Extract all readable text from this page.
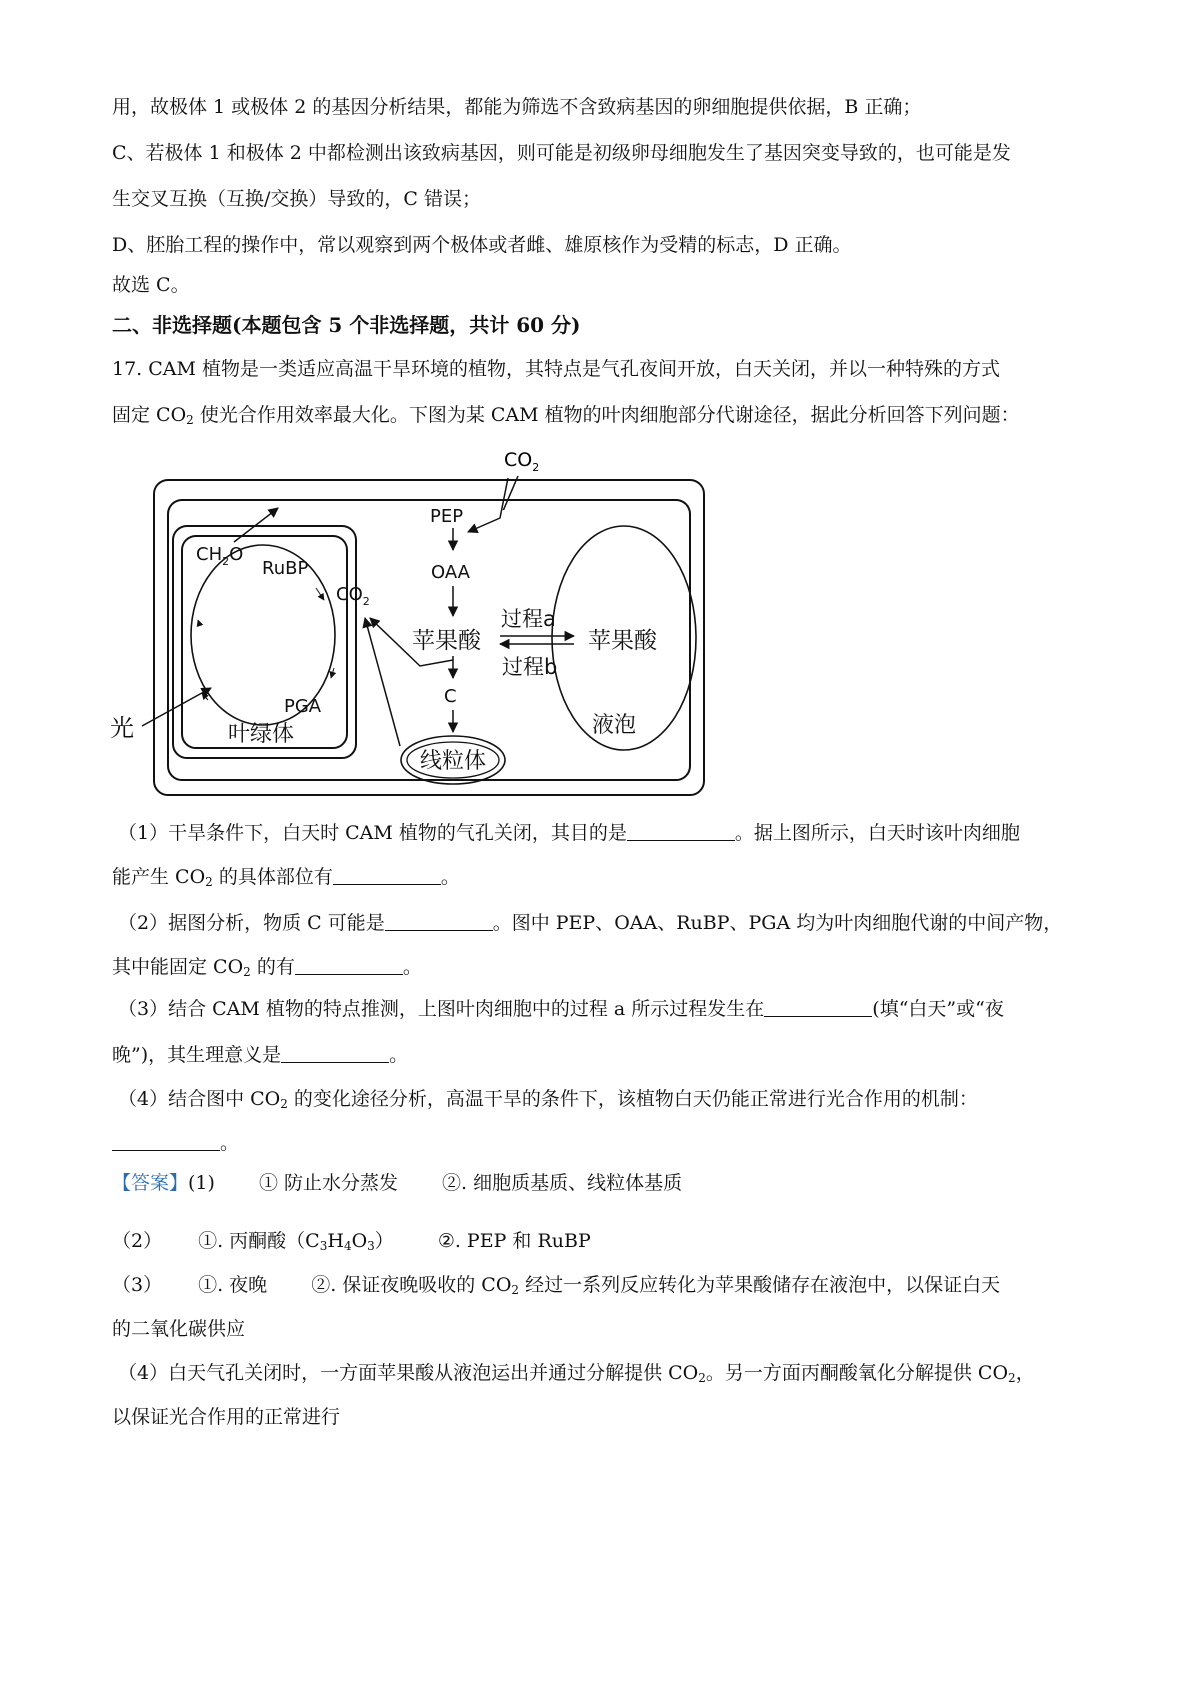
用，故极体 1 或极体 2 的基因分析结果，都能为筛选不含致病基因的卵细胞提供依据，B 正确；
C、若极体 1 和极体 2 中都检测出该致病基因，则可能是初级卵母细胞发生了基因突变导致的，也可能是发
生交叉互换（互换/交换）导致的，C 错误；
D、胚胎工程的操作中，常以观察到两个极体或者雌、雄原核作为受精的标志，D 正确。
故选 C。
二、非选择题(本题包含 5 个非选择题，共计 60 分)
17. CAM 植物是一类适应高温干旱环境的植物，其特点是气孔夜间开放，白天关闭，并以一种特殊的方式
固定 $CO_2$ 使光合作用效率最大化。下图为某 CAM 植物的叶肉细胞部分代谢途径，据此分析回答下列问题：
$CH_2O$
RuBP
$CO_2$
PGA
叶绿体
光
PEP
OAA
苹果酸
C
线粒体
苹果酸
液泡
过程a
过程b
$CO_2$
（1）干旱条件下，白天时 CAM 植物的气孔关闭，其目的是	。据上图所示，白天时该叶肉细胞
能产生 $CO_2$ 的具体部位有	。
（2）据图分析，物质 C 可能是	。图中 PEP、OAA、RuBP、PGA 均为叶肉细胞代谢的中间产物，
其中能固定 $CO_2$ 的有	。
（3）结合 CAM 植物的特点推测，上图叶肉细胞中的过程 a 所示过程发生在	(填“白天”或“夜
晚”)，其生理意义是	。
（4）结合图中 $CO_2$ 的变化途径分析，高温干旱的条件下，该植物白天仍能正常进行光合作用的机制：
。
【答案】(1) ① 防止水分蒸发 ②. 细胞质基质、线粒体基质
（2） ①. 丙酮酸$(C_3H_4O_3)$ ②. PEP 和 RuBP
（3） ①. 夜晚 ②. 保证夜晚吸收的 $CO_2$ 经过一系列反应转化为苹果酸储存在液泡中，以保证白天
的二氧化碳供应
（4）白天气孔关闭时，一方面苹果酸从液泡运出并通过分解提供 $CO_2$。另一方面丙酮酸氧化分解提供 $CO_2$，
以保证光合作用的正常进行
